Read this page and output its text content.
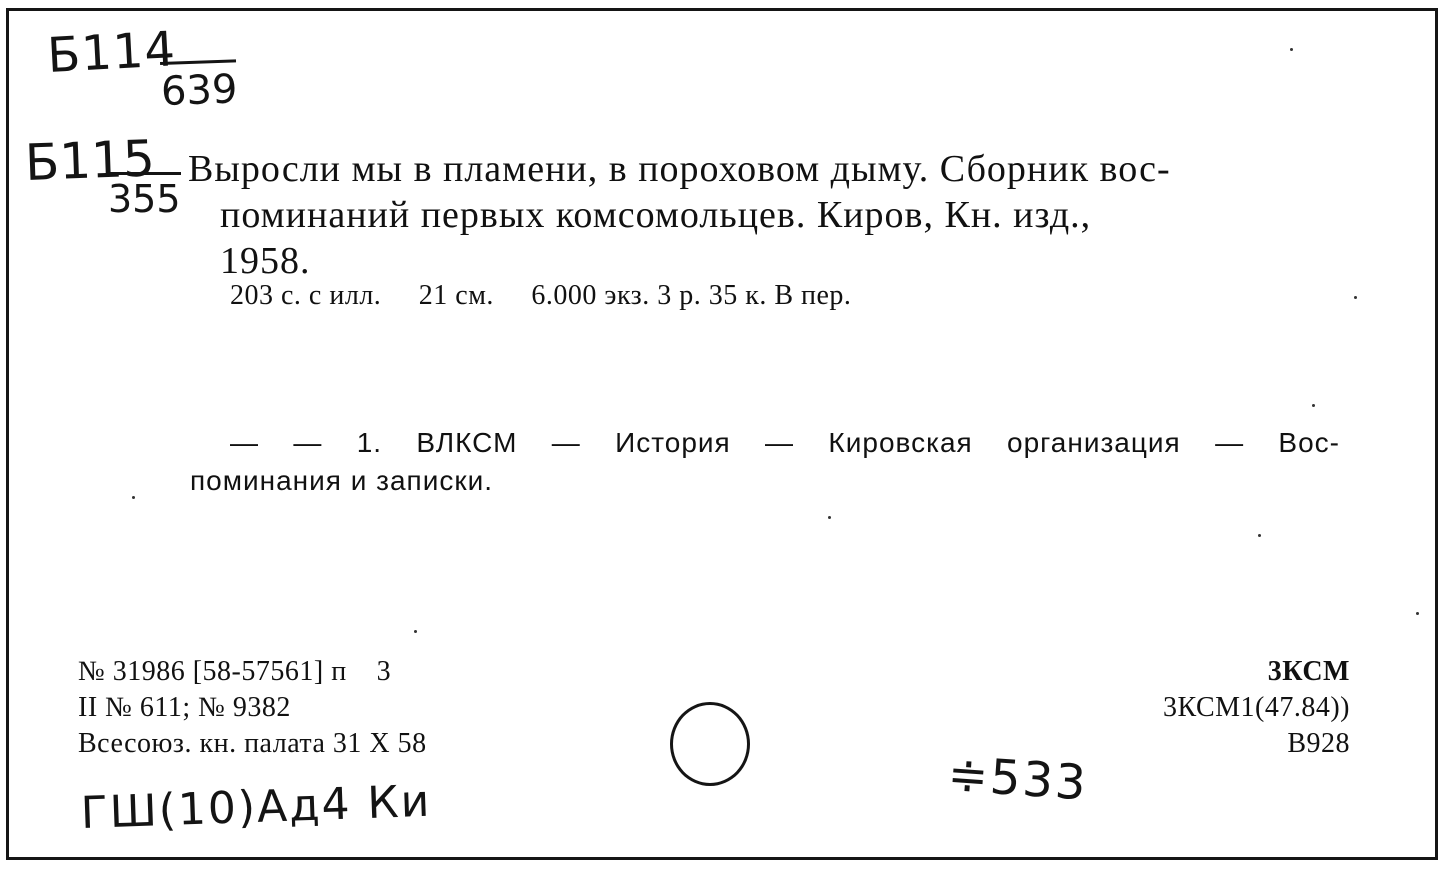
Б114
639
Б115
355
Выросли мы в пламени, в пороховом дыму. Сборник вос-
поминаний первых комсомольцев. Киров, Кн. изд.,
1958.
203 с. с илл.     21 см.     6.000 экз. 3 р. 35 к. В пер.
— — 1. ВЛКСМ — История — Кировская организация — Вос-
поминания и записки.
№ 31986 [58-57561] п    3
II № 611; № 9382
Всесоюз. кн. палата 31 X 58
3КСМ
3КСМ1(47.84))
В928
ГШ(10)Ад4 Ки	≑533
